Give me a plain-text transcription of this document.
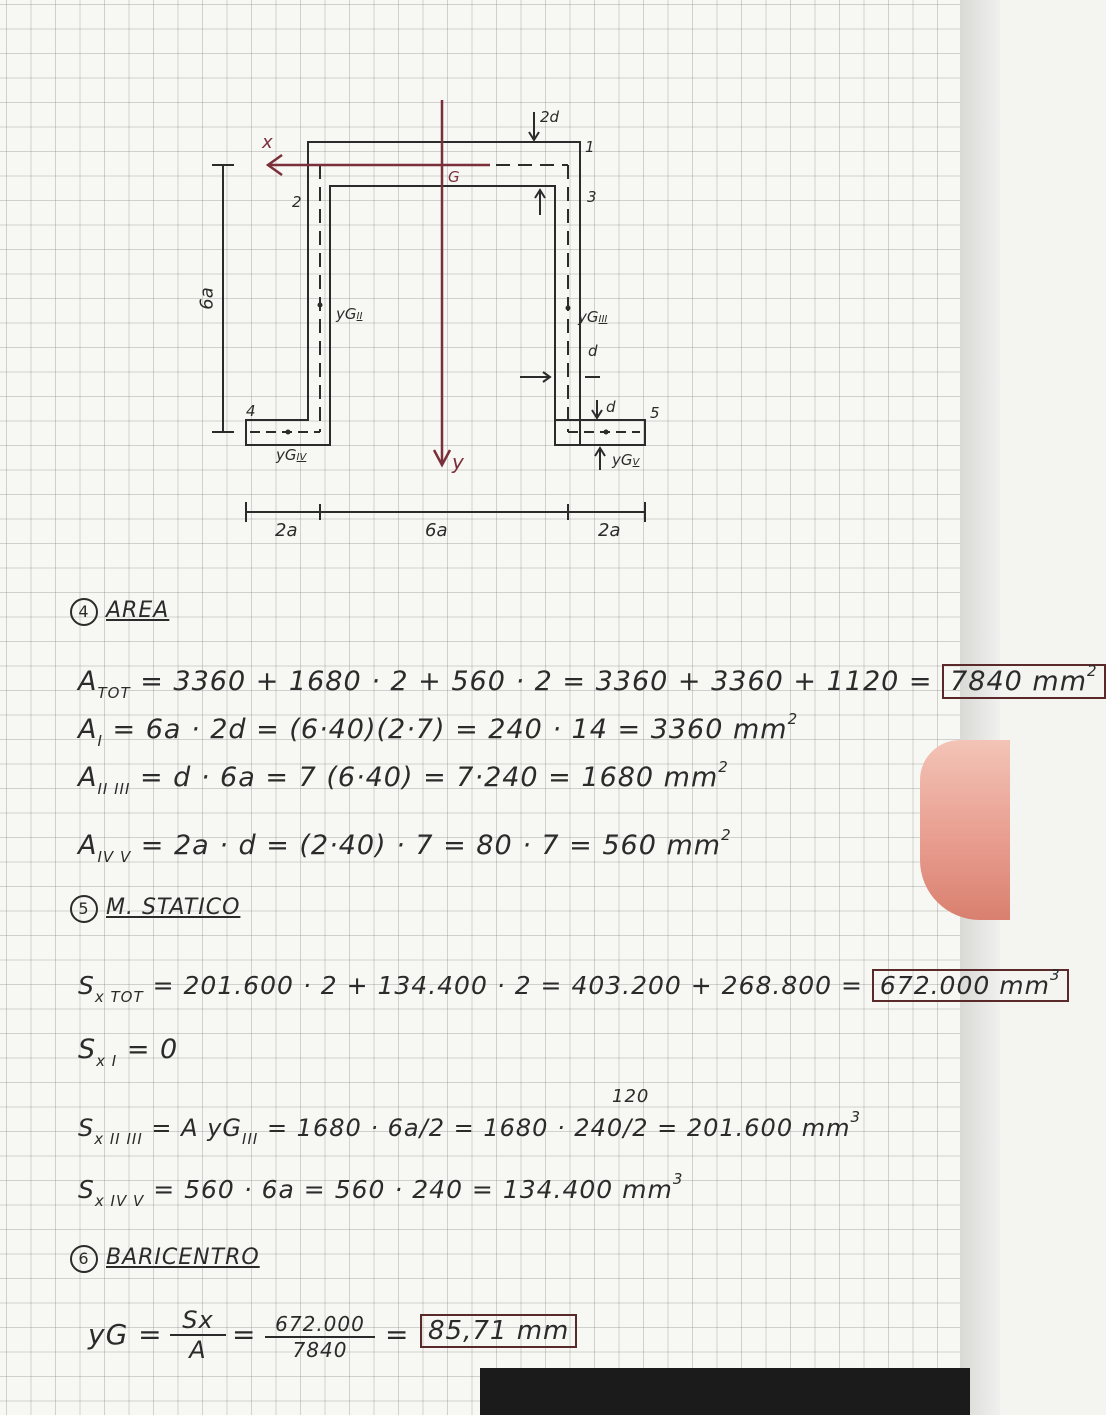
2d
1
2	3
4	5
x
G
y
6a
yGII	yGIII
d
d
yGIV	yGV
2a	6a	2a
4 AREA
$A_{TOT} = 3360 + 1680 \cdot 2 + 560 \cdot 2 = 3360 + 3360 + 1120 = 7840$ $mm^2$
$A_I = 6a \cdot 2d = (6\cdot 40)(2\cdot 7) = 240 \cdot 14 = 3360$ $mm^2$
$A_{II III} = d \cdot 6a = 7$ (6·40) = 7·240 = 1680 $mm^2$
$A_{IV V} = 2a \cdot d = (2\cdot 40) \cdot 7 = 80 \cdot 7 = 560$ $mm^2$
5 M. STATICO
$S_{x TOT} = 201.600 \cdot 2 + 134.400 \cdot 2 = 403.200 + 268.800 = 672.000$ $mm^3$
$S_{x I} = 0$
120
$S_{x II III} = A$ $yG_{III} = 1680 \cdot 6a/2 = 1680 \cdot 240/2 = 201.600$ $mm^3$
$S_{x IV V} = 560 \cdot 6a = 560 \cdot 240 = 134.400$ $mm^3$
6 BARICENTRO
yG = Sx
A = 672.000
7840	= 85,71 mm
